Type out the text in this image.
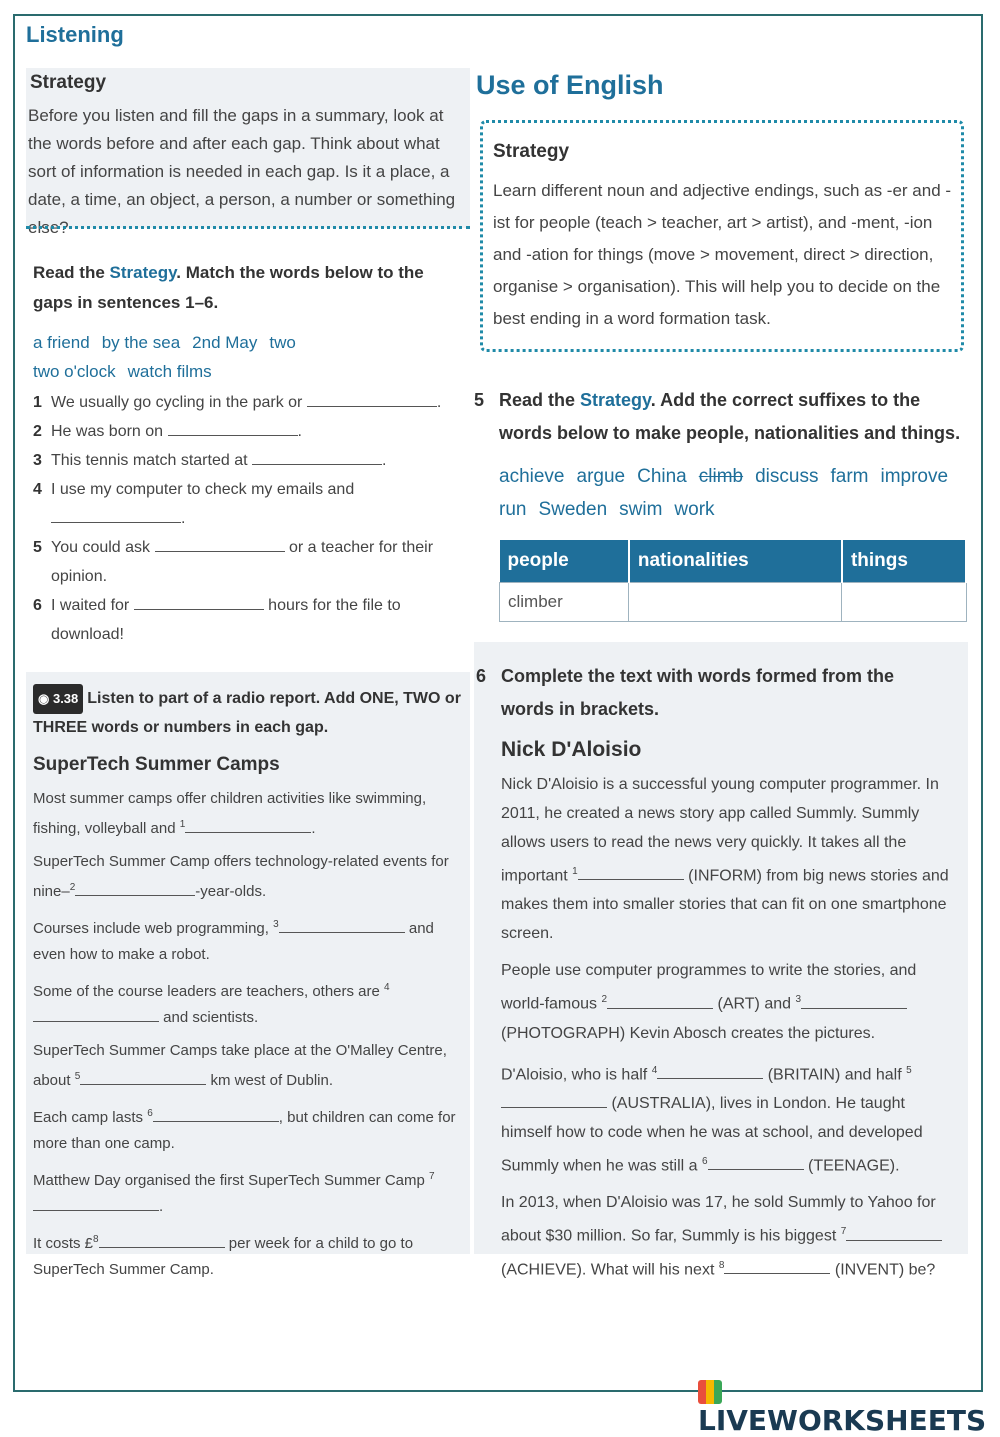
Listening
Strategy
Before you listen and fill the gaps in a summary, look at the words before and after each gap. Think about what sort of information is needed in each gap. Is it a place, a date, a time, an object, a person, a number or something else?
Read the Strategy. Match the words below to the gaps in sentences 1–6.
a friend by the sea 2nd May two
two o'clock watch films
1 We usually go cycling in the park or	.
2 He was born on	.
3 This tennis match started at	.
4 I use my computer to check my emails and
.
5 You could ask	or a teacher for their opinion.
6 I waited for	hours for the file to download!
◉ 3.38 Listen to part of a radio report. Add ONE, TWO or THREE words or numbers in each gap.
SuperTech Summer Camps
Most summer camps offer children activities like swimming, fishing, volleyball and $^1$	.
SuperTech Summer Camp offers technology-related events for nine–$^2$	-year-olds.
Courses include web programming, $^3$	and even how to make a robot.
Some of the course leaders are teachers, others are $^4$ and scientists.
SuperTech Summer Camps take place at the O'Malley Centre, about $^5$	km west of Dublin.
Each camp lasts $^6$	, but children can come for more than one camp.
Matthew Day organised the first SuperTech Summer Camp $^7$.
It costs £$^8$	per week for a child to go to SuperTech Summer Camp.
Use of English
Strategy
Learn different noun and adjective endings, such as -er and -ist for people (teach > teacher, art > artist), and -ment, -ion and -ation for things (move > movement, direct > direction, organise > organisation). This will help you to decide on the best ending in a word formation task.
5 Read the Strategy. Add the correct suffixes to the words below to make people, nationalities and things.
achieve argue China climb discuss farm improve
run Sweden swim work
people	nationalities	things
climber		
6 Complete the text with words formed from the words in brackets.
Nick D'Aloisio
Nick D'Aloisio is a successful young computer programmer. In 2011, he created a news story app called Summly. Summly allows users to read the news very quickly. It takes all the important $^1$	(INFORM) from big news stories and makes them into smaller stories that can fit on one smartphone screen.
People use computer programmes to write the stories, and world-famous $^2$	(ART) and $^3$ (PHOTOGRAPH) Kevin Abosch creates the pictures.
D'Aloisio, who is half $^4$	(BRITAIN) and half $^5$ (AUSTRALIA), lives in London. He taught himself how to code when he was at school, and developed Summly when he was still a $^6$	(TEENAGE).
In 2013, when D'Aloisio was 17, he sold Summly to Yahoo for about $30 million. So far, Summly is his biggest $^7$ (ACHIEVE). What will his next $^8$	(INVENT) be?
LIVEWORKSHEETS
